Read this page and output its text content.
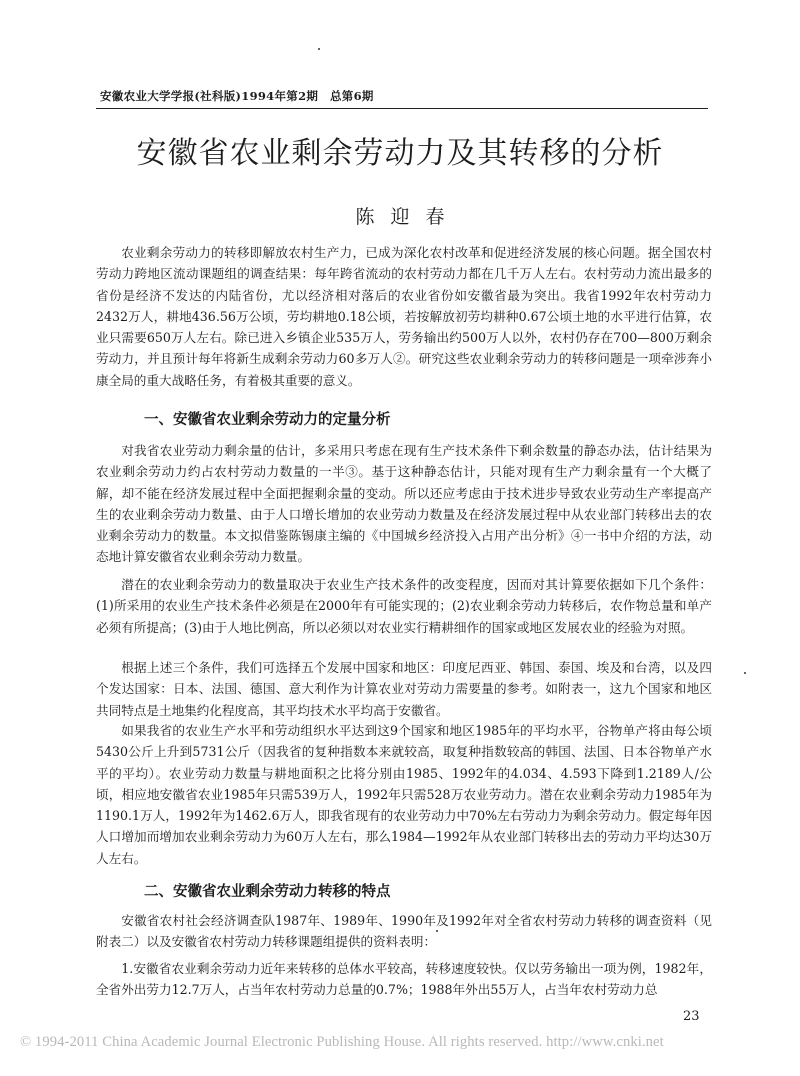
安徽农业大学学报(社科版)1994年第2期　总第6期
安徽省农业剩余劳动力及其转移的分析
陈迎春

农业剩余劳动力的转移即解放农村生产力，已成为深化农村改革和促进经济发展的核心问题。据全国农村劳动力跨地区流动课题组的调查结果：每年跨省流动的农村劳动力都在几千万人左右。农村劳动力流出最多的省份是经济不发达的内陆省份，尤以经济相对落后的农业省份如安徽省最为突出。我省1992年农村劳动力2432万人，耕地436.56万公顷，劳均耕地0.18公顷，若按解放初劳均耕种0.67公顷土地的水平进行估算，农业只需要650万人左右。除已进入乡镇企业535万人，劳务输出约500万人以外，农村仍存在700—800万剩余劳动力，并且预计每年将新生成剩余劳动力60多万人②。研究这些农业剩余劳动力的转移问题是一项牵涉奔小康全局的重大战略任务，有着极其重要的意义。

一、安徽省农业剩余劳动力的定量分析

对我省农业劳动力剩余量的估计，多采用只考虑在现有生产技术条件下剩余数量的静态办法，估计结果为农业剩余劳动力约占农村劳动力数量的一半③。基于这种静态估计，只能对现有生产力剩余量有一个大概了解，却不能在经济发展过程中全面把握剩余量的变动。所以还应考虑由于技术进步导致农业劳动生产率提高产生的农业剩余劳动力数量、由于人口增长增加的农业劳动力数量及在经济发展过程中从农业部门转移出去的农业剩余劳动力的数量。本文拟借鉴陈锡康主编的《中国城乡经济投入占用产出分析》④一书中介绍的方法，动态地计算安徽省农业剩余劳动力数量。

潜在的农业剩余劳动力的数量取决于农业生产技术条件的改变程度，因而对其计算要依据如下几个条件：(1)所采用的农业生产技术条件必须是在2000年有可能实现的；(2)农业剩余劳动力转移后，农作物总量和单产必须有所提高；(3)由于人地比例高，所以必须以对农业实行精耕细作的国家或地区发展农业的经验为对照。

根据上述三个条件，我们可选择五个发展中国家和地区：印度尼西亚、韩国、泰国、埃及和台湾，以及四个发达国家：日本、法国、德国、意大利作为计算农业对劳动力需要量的参考。如附表一，这九个国家和地区共同特点是土地集约化程度高，其平均技术水平均高于安徽省。

如果我省的农业生产水平和劳动组织水平达到这9个国家和地区1985年的平均水平，谷物单产将由每公顷5430公斤上升到5731公斤（因我省的复种指数本来就较高，取复种指数较高的韩国、法国、日本谷物单产水平的平均）。农业劳动力数量与耕地面积之比将分别由1985、1992年的4.034、4.593下降到1.2189人/公顷，相应地安徽省农业1985年只需539万人，1992年只需528万农业劳动力。潜在农业剩余劳动力1985年为1190.1万人，1992年为1462.6万人，即我省现有的农业劳动力中70%左右劳动力为剩余劳动力。假定每年因人口增加而增加农业剩余劳动力为60万人左右，那么1984—1992年从农业部门转移出去的劳动力平均达30万人左右。

二、安徽省农业剩余劳动力转移的特点

安徽省农村社会经济调查队1987年、1989年、1990年及1992年对全省农村劳动力转移的调查资料（见附表二）以及安徽省农村劳动力转移课题组提供的资料表明：

1.安徽省农业剩余劳动力近年来转移的总体水平较高，转移速度较快。仅以劳务输出一项为例，1982年，全省外出劳力12.7万人，占当年农村劳动力总量的0.7%；1988年外出55万人，占当年农村劳动力总

23
© 1994-2011 China Academic Journal Electronic Publishing House. All rights reserved. http://www.cnki.net
